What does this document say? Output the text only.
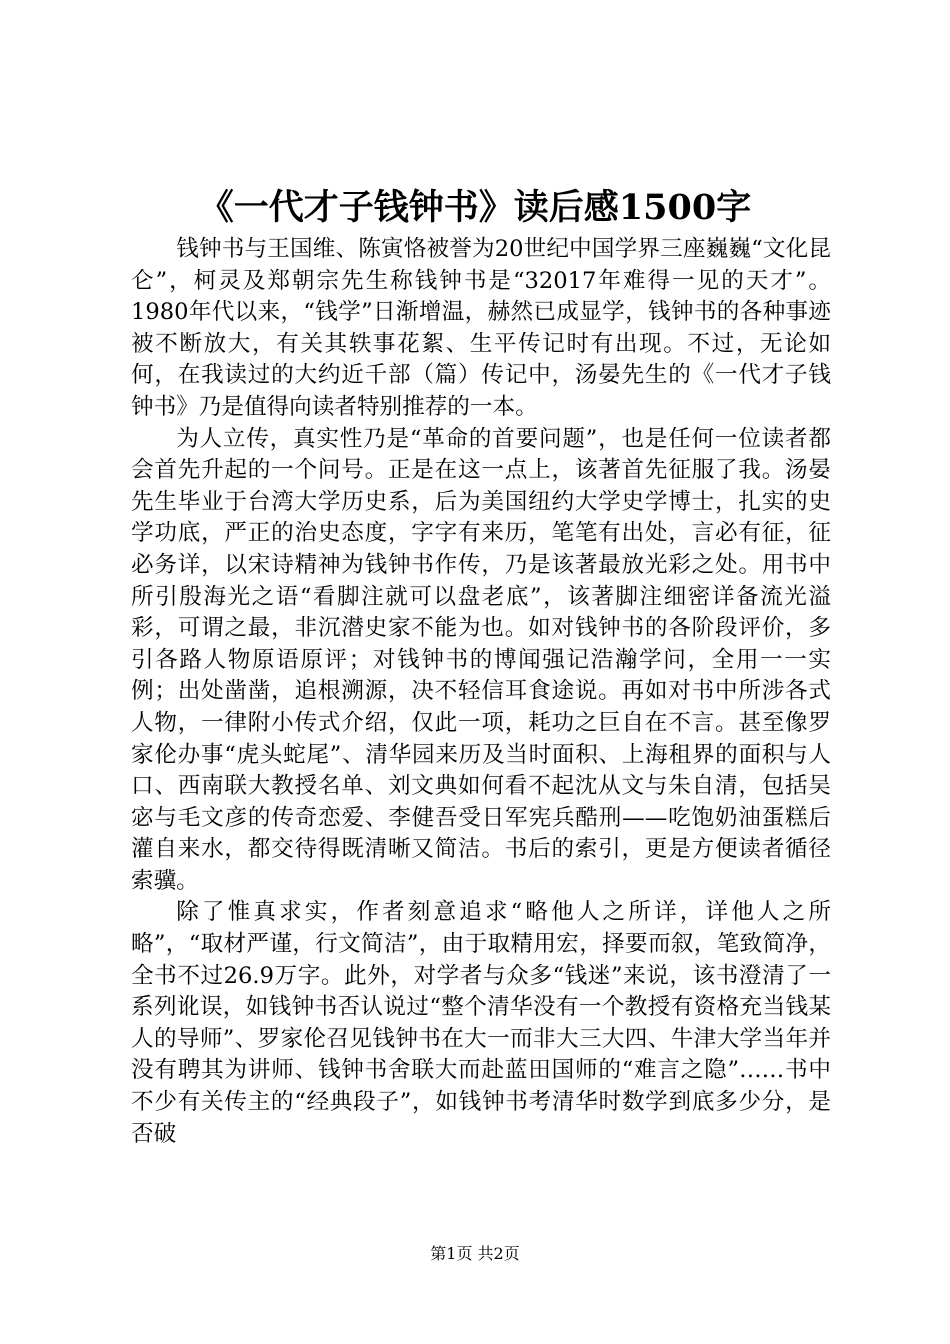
《一代才子钱钟书》读后感1500字

钱钟书与王国维、陈寅恪被誉为20世纪中国学界三座巍巍“文化昆仑”，柯灵及郑朝宗先生称钱钟书是“32017年难得一见的天才”。1980年代以来，“钱学”日渐增温，赫然已成显学，钱钟书的各种事迹被不断放大，有关其轶事花絮、生平传记时有出现。不过，无论如何，在我读过的大约近千部（篇）传记中，汤晏先生的《一代才子钱钟书》乃是值得向读者特别推荐的一本。

为人立传，真实性乃是“革命的首要问题”，也是任何一位读者都会首先升起的一个问号。正是在这一点上，该著首先征服了我。汤晏先生毕业于台湾大学历史系，后为美国纽约大学史学博士，扎实的史学功底，严正的治史态度，字字有来历，笔笔有出处，言必有征，征必务详，以宋诗精神为钱钟书作传，乃是该著最放光彩之处。用书中所引殷海光之语“看脚注就可以盘老底”，该著脚注细密详备流光溢彩，可谓之最，非沉潜史家不能为也。如对钱钟书的各阶段评价，多引各路人物原语原评；对钱钟书的博闻强记浩瀚学问，全用一一实例；出处凿凿，追根溯源，决不轻信耳食途说。再如对书中所涉各式人物，一律附小传式介绍，仅此一项，耗功之巨自在不言。甚至像罗家伦办事“虎头蛇尾”、清华园来历及当时面积、上海租界的面积与人口、西南联大教授名单、刘文典如何看不起沈从文与朱自清，包括吴宓与毛文彦的传奇恋爱、李健吾受日军宪兵酷刑——吃饱奶油蛋糕后灌自来水，都交待得既清晰又简洁。书后的索引，更是方便读者循径索骥。

除了惟真求实，作者刻意追求“略他人之所详，详他人之所略”，“取材严谨，行文简洁”，由于取精用宏，择要而叙，笔致简净，全书不过26.9万字。此外，对学者与众多“钱迷”来说，该书澄清了一系列讹误，如钱钟书否认说过“整个清华没有一个教授有资格充当钱某人的导师”、罗家伦召见钱钟书在大一而非大三大四、牛津大学当年并没有聘其为讲师、钱钟书舍联大而赴蓝田国师的“难言之隐”……书中不少有关传主的“经典段子”，如钱钟书考清华时数学到底多少分，是否破

第1页 共2页
